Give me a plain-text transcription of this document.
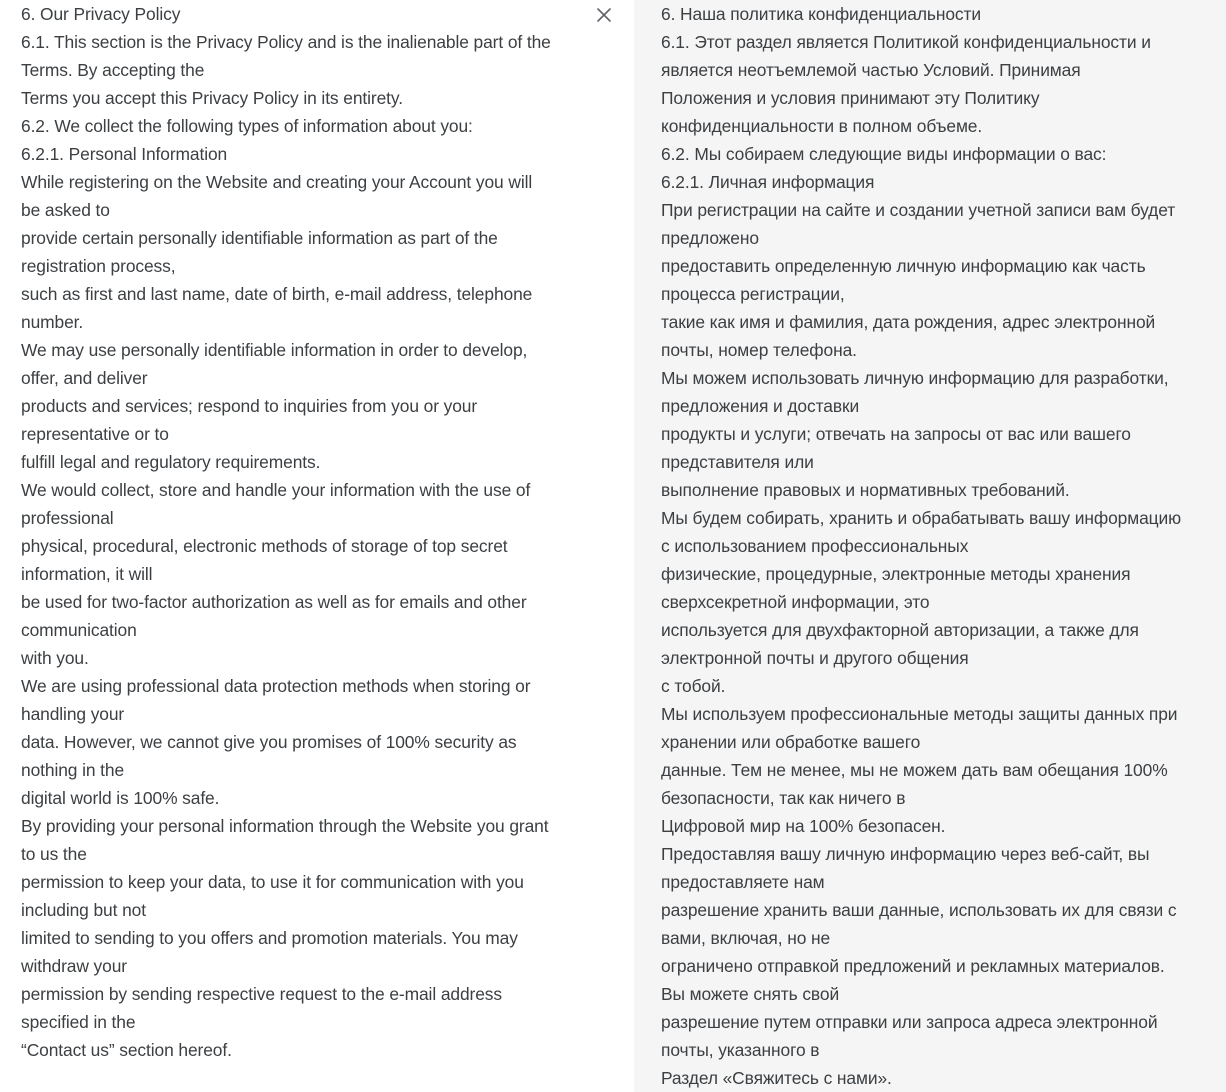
6. Our Privacy Policy
6.1. This section is the Privacy Policy and is the inalienable part of the
Terms. By accepting the
Terms you accept this Privacy Policy in its entirety.
6.2. We collect the following types of information about you:
6.2.1. Personal Information
While registering on the Website and creating your Account you will
be asked to
provide certain personally identifiable information as part of the
registration process,
such as first and last name, date of birth, e-mail address, telephone
number.
We may use personally identifiable information in order to develop,
offer, and deliver
products and services; respond to inquiries from you or your
representative or to
fulfill legal and regulatory requirements.
We would collect, store and handle your information with the use of
professional
physical, procedural, electronic methods of storage of top secret
information, it will
be used for two-factor authorization as well as for emails and other
communication
with you.
We are using professional data protection methods when storing or
handling your
data. However, we cannot give you promises of 100% security as
nothing in the
digital world is 100% safe.
By providing your personal information through the Website you grant
to us the
permission to keep your data, to use it for communication with you
including but not
limited to sending to you offers and promotion materials. You may
withdraw your
permission by sending respective request to the e-mail address
specified in the
“Contact us” section hereof.
6. Наша политика конфиденциальности
6.1. Этот раздел является Политикой конфиденциальности и
является неотъемлемой частью Условий. Принимая
Положения и условия принимают эту Политику
конфиденциальности в полном объеме.
6.2. Мы собираем следующие виды информации о вас:
6.2.1. Личная информация
При регистрации на сайте и создании учетной записи вам будет
предложено
предоставить определенную личную информацию как часть
процесса регистрации,
такие как имя и фамилия, дата рождения, адрес электронной
почты, номер телефона.
Мы можем использовать личную информацию для разработки,
предложения и доставки
продукты и услуги; отвечать на запросы от вас или вашего
представителя или
выполнение правовых и нормативных требований.
Мы будем собирать, хранить и обрабатывать вашу информацию
с использованием профессиональных
физические, процедурные, электронные методы хранения
сверхсекретной информации, это
используется для двухфакторной авторизации, а также для
электронной почты и другого общения
с тобой.
Мы используем профессиональные методы защиты данных при
хранении или обработке вашего
данные. Тем не менее, мы не можем дать вам обещания 100%
безопасности, так как ничего в
Цифровой мир на 100% безопасен.
Предоставляя вашу личную информацию через веб-сайт, вы
предоставляете нам
разрешение хранить ваши данные, использовать их для связи с
вами, включая, но не
ограничено отправкой предложений и рекламных материалов.
Вы можете снять свой
разрешение путем отправки или запроса адреса электронной
почты, указанного в
Раздел «Свяжитесь с нами».
